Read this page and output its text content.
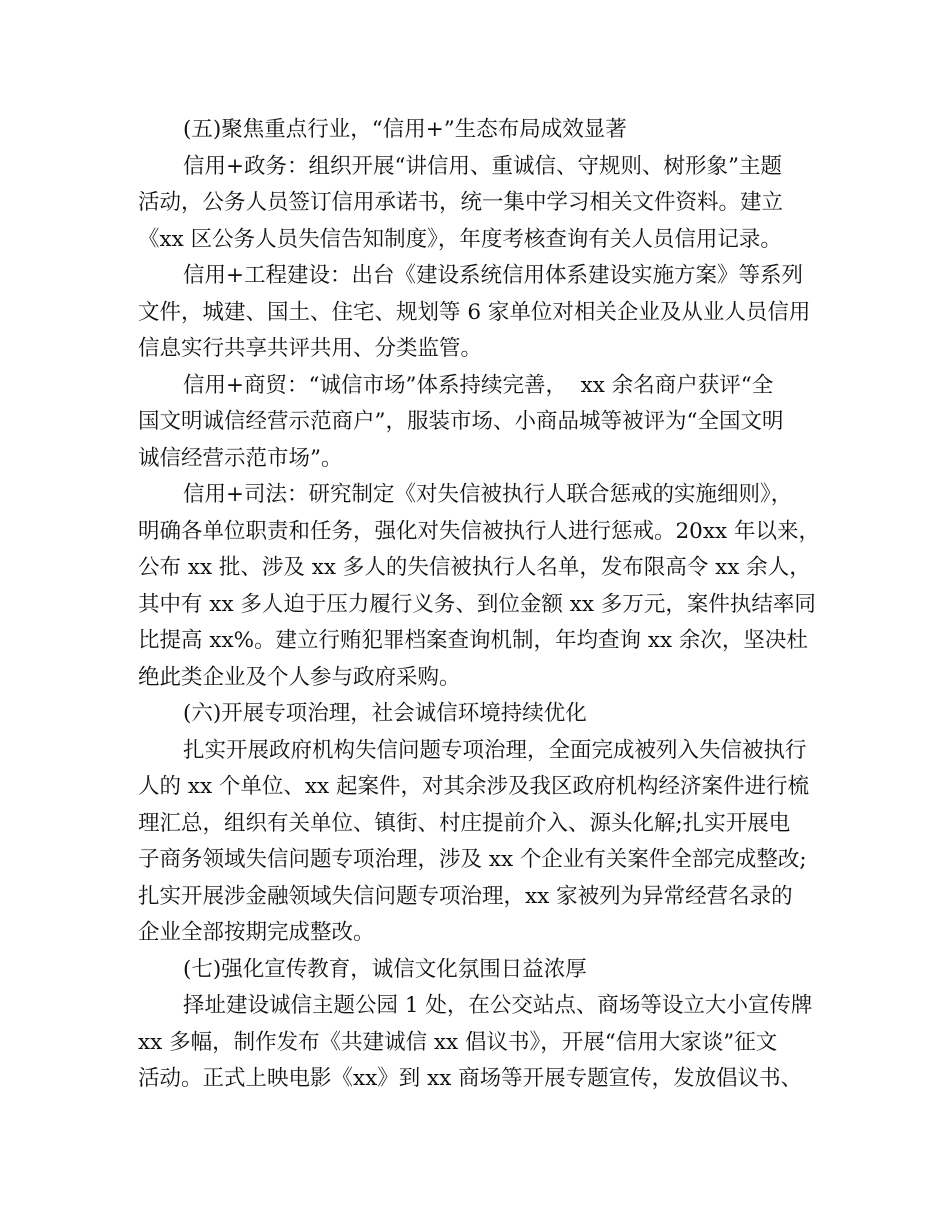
(五)聚焦重点行业，“信用+”生态布局成效显著
信用+政务：组织开展“讲信用、重诚信、守规则、树形象”主题
活动，公务人员签订信用承诺书，统一集中学习相关文件资料。建立
《xx 区公务人员失信告知制度》，年度考核查询有关人员信用记录。
信用+工程建设：出台《建设系统信用体系建设实施方案》等系列
文件，城建、国土、住宅、规划等 6 家单位对相关企业及从业人员信用
信息实行共享共评共用、分类监管。
信用+商贸：“诚信市场”体系持续完善，  xx 余名商户获评“全
国文明诚信经营示范商户”，服装市场、小商品城等被评为“全国文明
诚信经营示范市场”。
信用+司法：研究制定《对失信被执行人联合惩戒的实施细则》，
明确各单位职责和任务，强化对失信被执行人进行惩戒。20xx 年以来，
公布 xx 批、涉及 xx 多人的失信被执行人名单，发布限高令 xx 余人，
其中有 xx 多人迫于压力履行义务、到位金额 xx 多万元，案件执结率同
比提高 xx%。建立行贿犯罪档案查询机制，年均查询 xx 余次，坚决杜
绝此类企业及个人参与政府采购。
(六)开展专项治理，社会诚信环境持续优化
扎实开展政府机构失信问题专项治理，全面完成被列入失信被执行
人的 xx 个单位、xx 起案件，对其余涉及我区政府机构经济案件进行梳
理汇总，组织有关单位、镇街、村庄提前介入、源头化解;扎实开展电
子商务领域失信问题专项治理，涉及 xx 个企业有关案件全部完成整改;
扎实开展涉金融领域失信问题专项治理，xx 家被列为异常经营名录的
企业全部按期完成整改。
(七)强化宣传教育，诚信文化氛围日益浓厚
择址建设诚信主题公园 1 处，在公交站点、商场等设立大小宣传牌
xx 多幅，制作发布《共建诚信 xx 倡议书》，开展“信用大家谈”征文
活动。正式上映电影《xx》到 xx 商场等开展专题宣传，发放倡议书、
